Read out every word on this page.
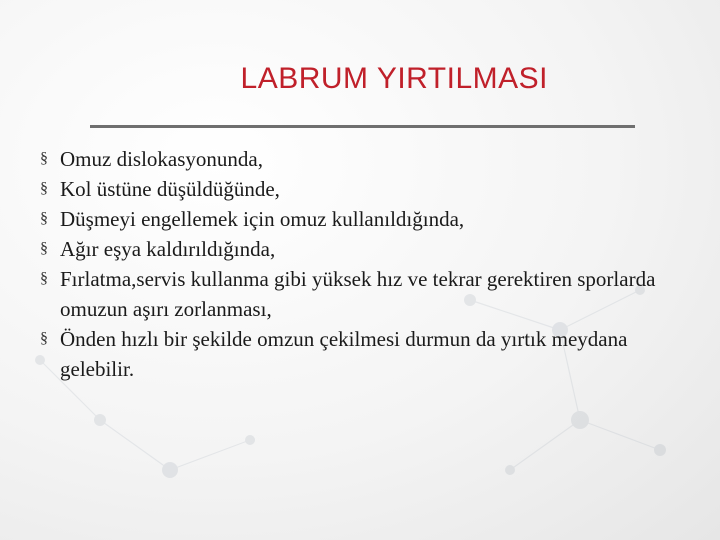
LABRUM YIRTILMASI
§ Omuz dislokasyonunda,
§ Kol üstüne düşüldüğünde,
§ Düşmeyi engellemek için omuz kullanıldığında,
§ Ağır eşya kaldırıldığında,
§ Fırlatma,servis kullanma gibi yüksek hız ve tekrar gerektiren sporlarda omuzun aşırı zorlanması,
§ Önden hızlı bir şekilde omzun çekilmesi durmun da yırtık meydana gelebilir.
